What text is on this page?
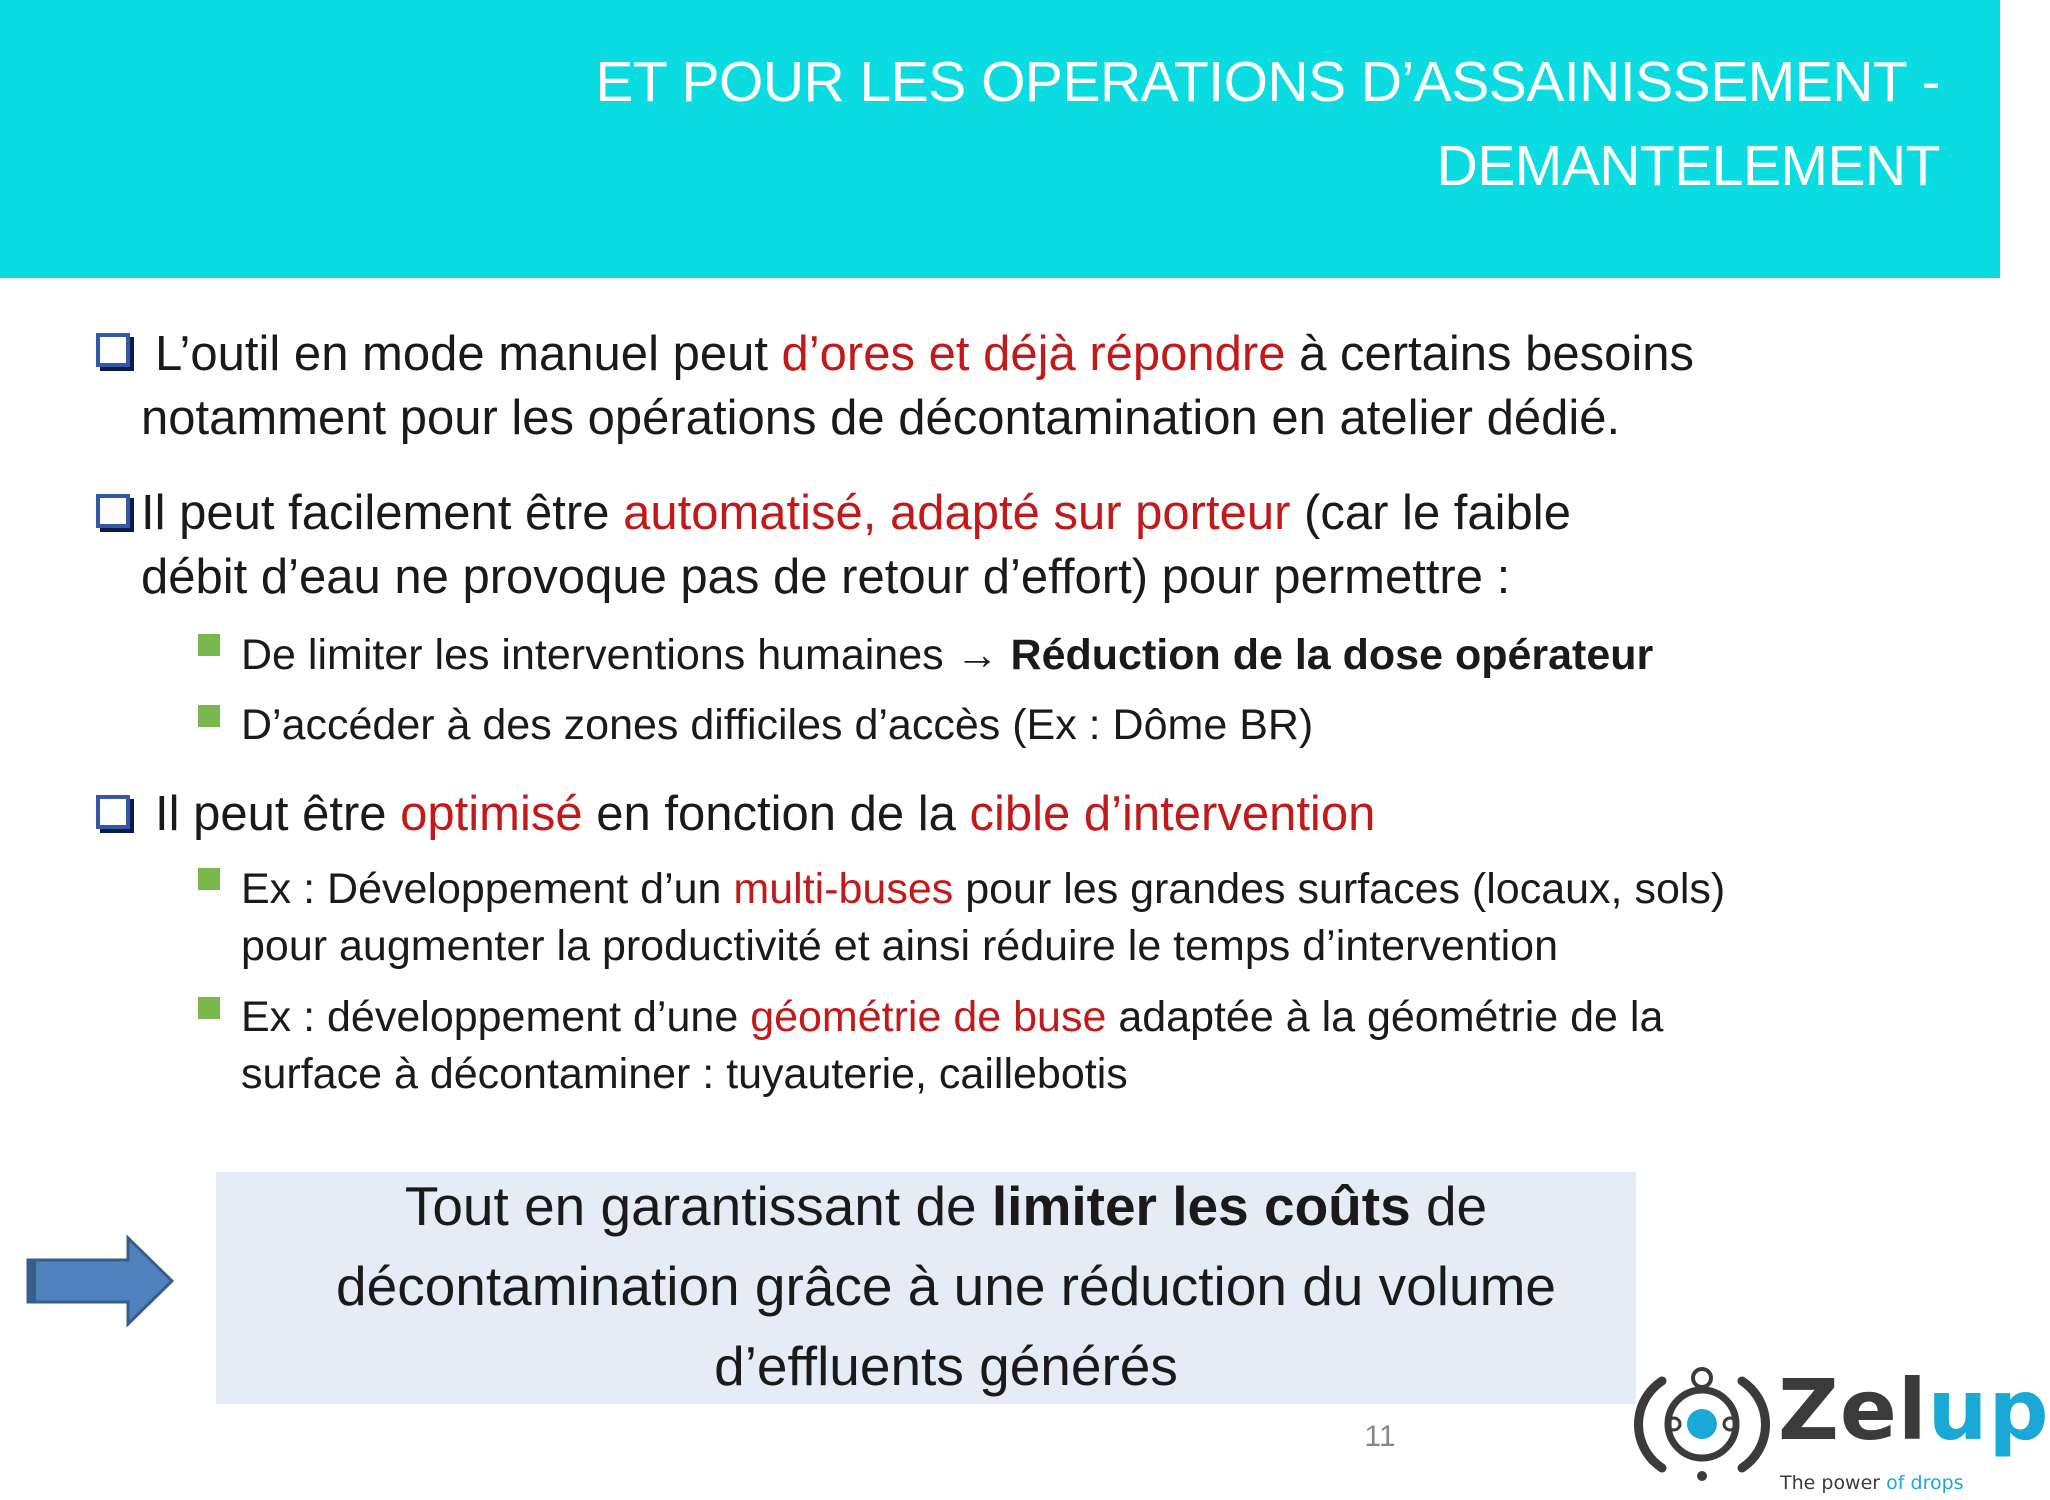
ET POUR LES OPERATIONS D’ASSAINISSEMENT -
DEMANTELEMENT
L’outil en mode manuel peut d’ores et déjà répondre à certains besoins
notamment pour les opérations de décontamination en atelier dédié.
Il peut facilement être automatisé, adapté sur porteur (car le faible
débit d’eau ne provoque pas de retour d’effort) pour permettre :
De limiter les interventions humaines → Réduction de la dose opérateur
D’accéder à des zones difficiles d’accès (Ex : Dôme BR)
Il peut être optimisé en fonction de la cible d’intervention
Ex : Développement d’un multi-buses pour les grandes surfaces (locaux, sols)
pour augmenter la productivité et ainsi réduire le temps d’intervention
Ex : développement d’une géométrie de buse adaptée à la géométrie de la
surface à décontaminer : tuyauterie, caillebotis
Tout en garantissant de limiter les coûts de
décontamination grâce à une réduction du volume
d’effluents générés
11	Zelup
The power of drops
